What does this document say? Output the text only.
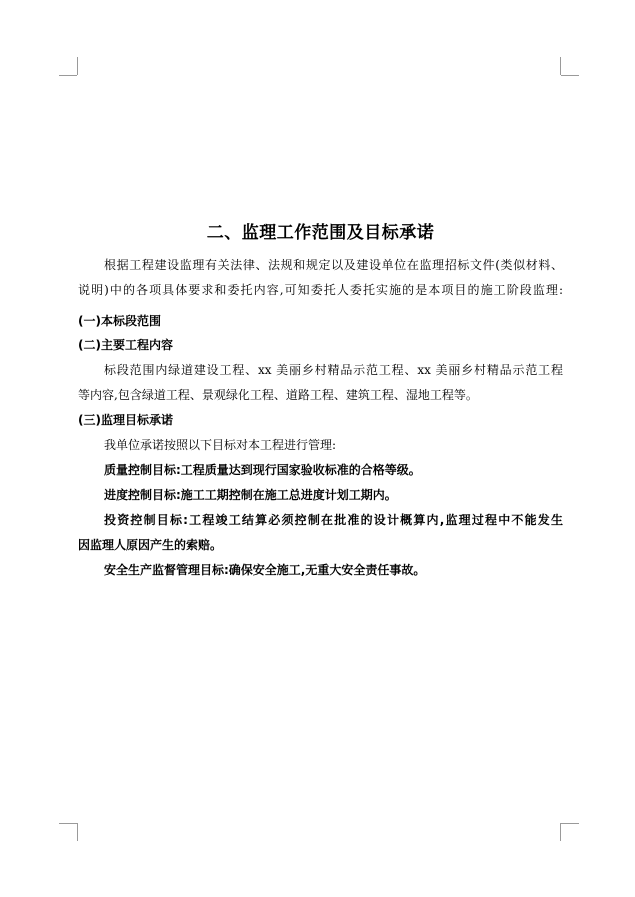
二、监理工作范围及目标承诺
根据工程建设监理有关法律、法规和规定以及建设单位在监理招标文件(类似材料、
说明)中的各项具体要求和委托内容,可知委托人委托实施的是本项目的施工阶段监理:
(一)本标段范围
(二)主要工程内容
标段范围内绿道建设工程、xx 美丽乡村精品示范工程、xx 美丽乡村精品示范工程
等内容,包含绿道工程、景观绿化工程、道路工程、建筑工程、湿地工程等。
(三)监理目标承诺
我单位承诺按照以下目标对本工程进行管理:
质量控制目标:工程质量达到现行国家验收标准的合格等级。
进度控制目标:施工工期控制在施工总进度计划工期内。
投资控制目标:工程竣工结算必须控制在批准的设计概算内,监理过程中不能发生
因监理人原因产生的索赔。
安全生产监督管理目标:确保安全施工,无重大安全责任事故。
